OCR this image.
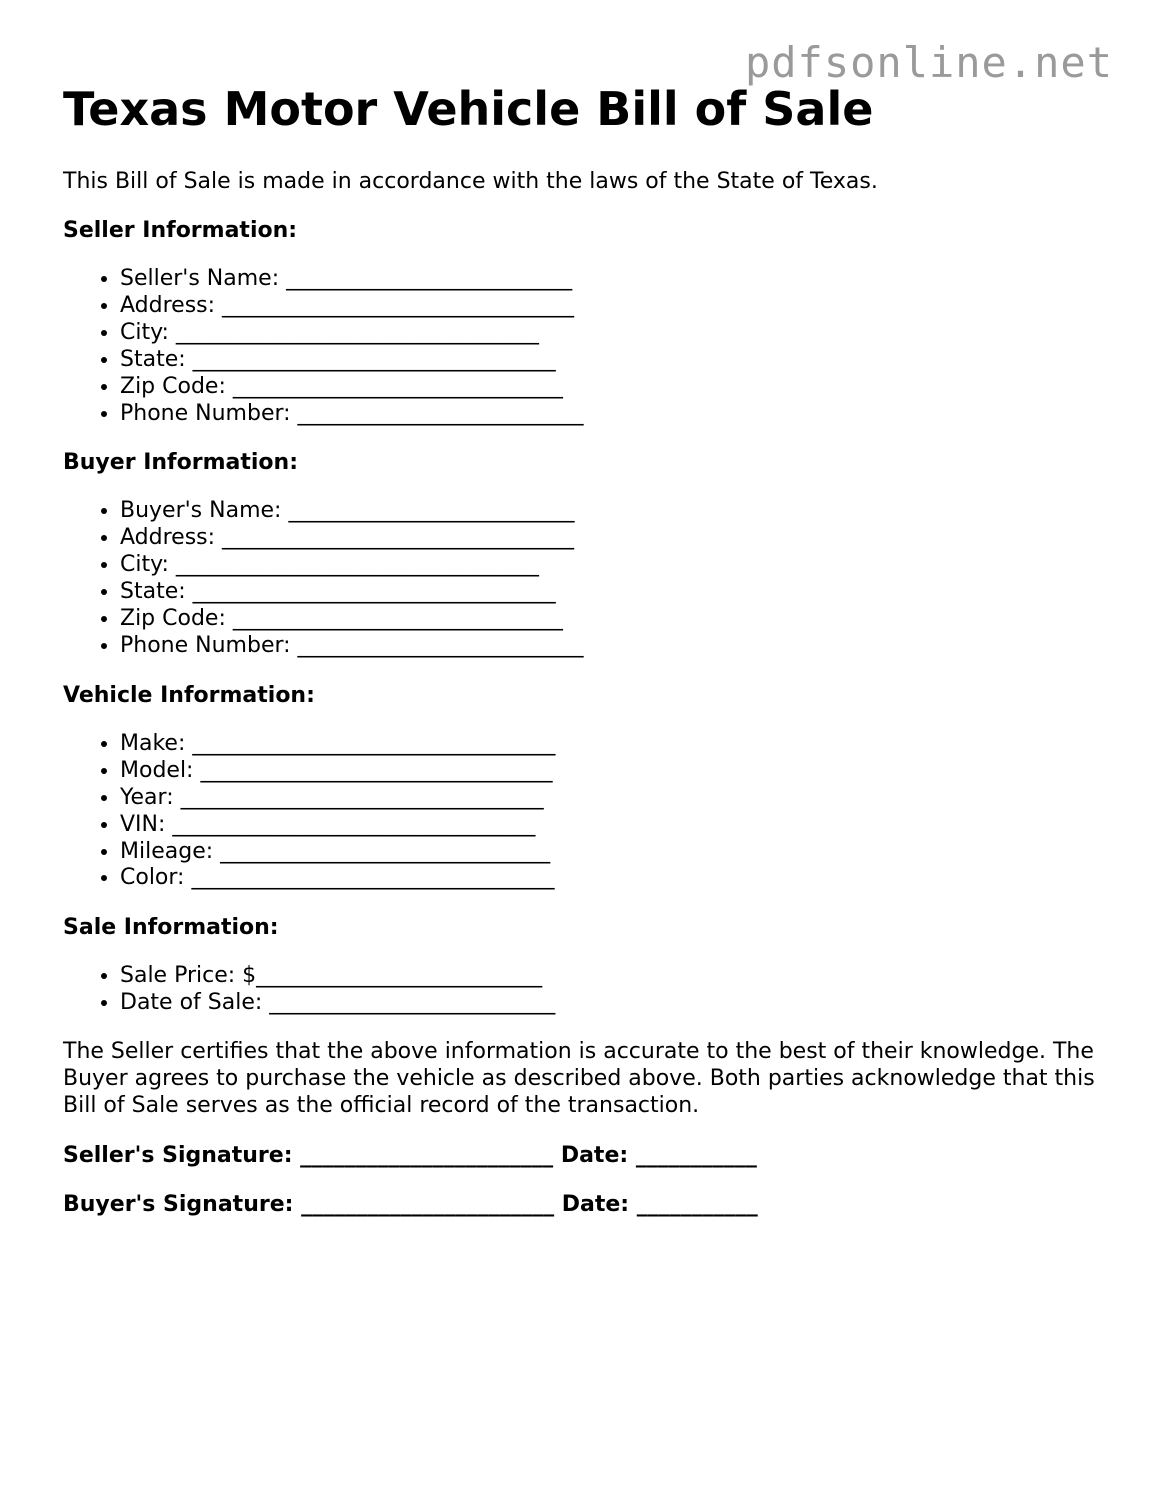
pdfsonline.net
Texas Motor Vehicle Bill of Sale

This Bill of Sale is made in accordance with the laws of the State of Texas.

Seller Information:

• Seller's Name: __________________________
• Address: ________________________________
• City: _________________________________
• State: _________________________________
• Zip Code: ______________________________
• Phone Number: __________________________

Buyer Information:

• Buyer's Name: __________________________
• Address: ________________________________
• City: _________________________________
• State: _________________________________
• Zip Code: ______________________________
• Phone Number: __________________________

Vehicle Information:

• Make: _________________________________
• Model: ________________________________
• Year: _________________________________
• VIN: _________________________________
• Mileage: ______________________________
• Color: _________________________________

Sale Information:

• Sale Price: $__________________________
• Date of Sale: __________________________

The Seller certifies that the above information is accurate to the best of their knowledge. The Buyer agrees to purchase the vehicle as described above. Both parties acknowledge that this Bill of Sale serves as the official record of the transaction.

Seller's Signature: _______________________ Date: ___________

Buyer's Signature: _______________________ Date: ___________
